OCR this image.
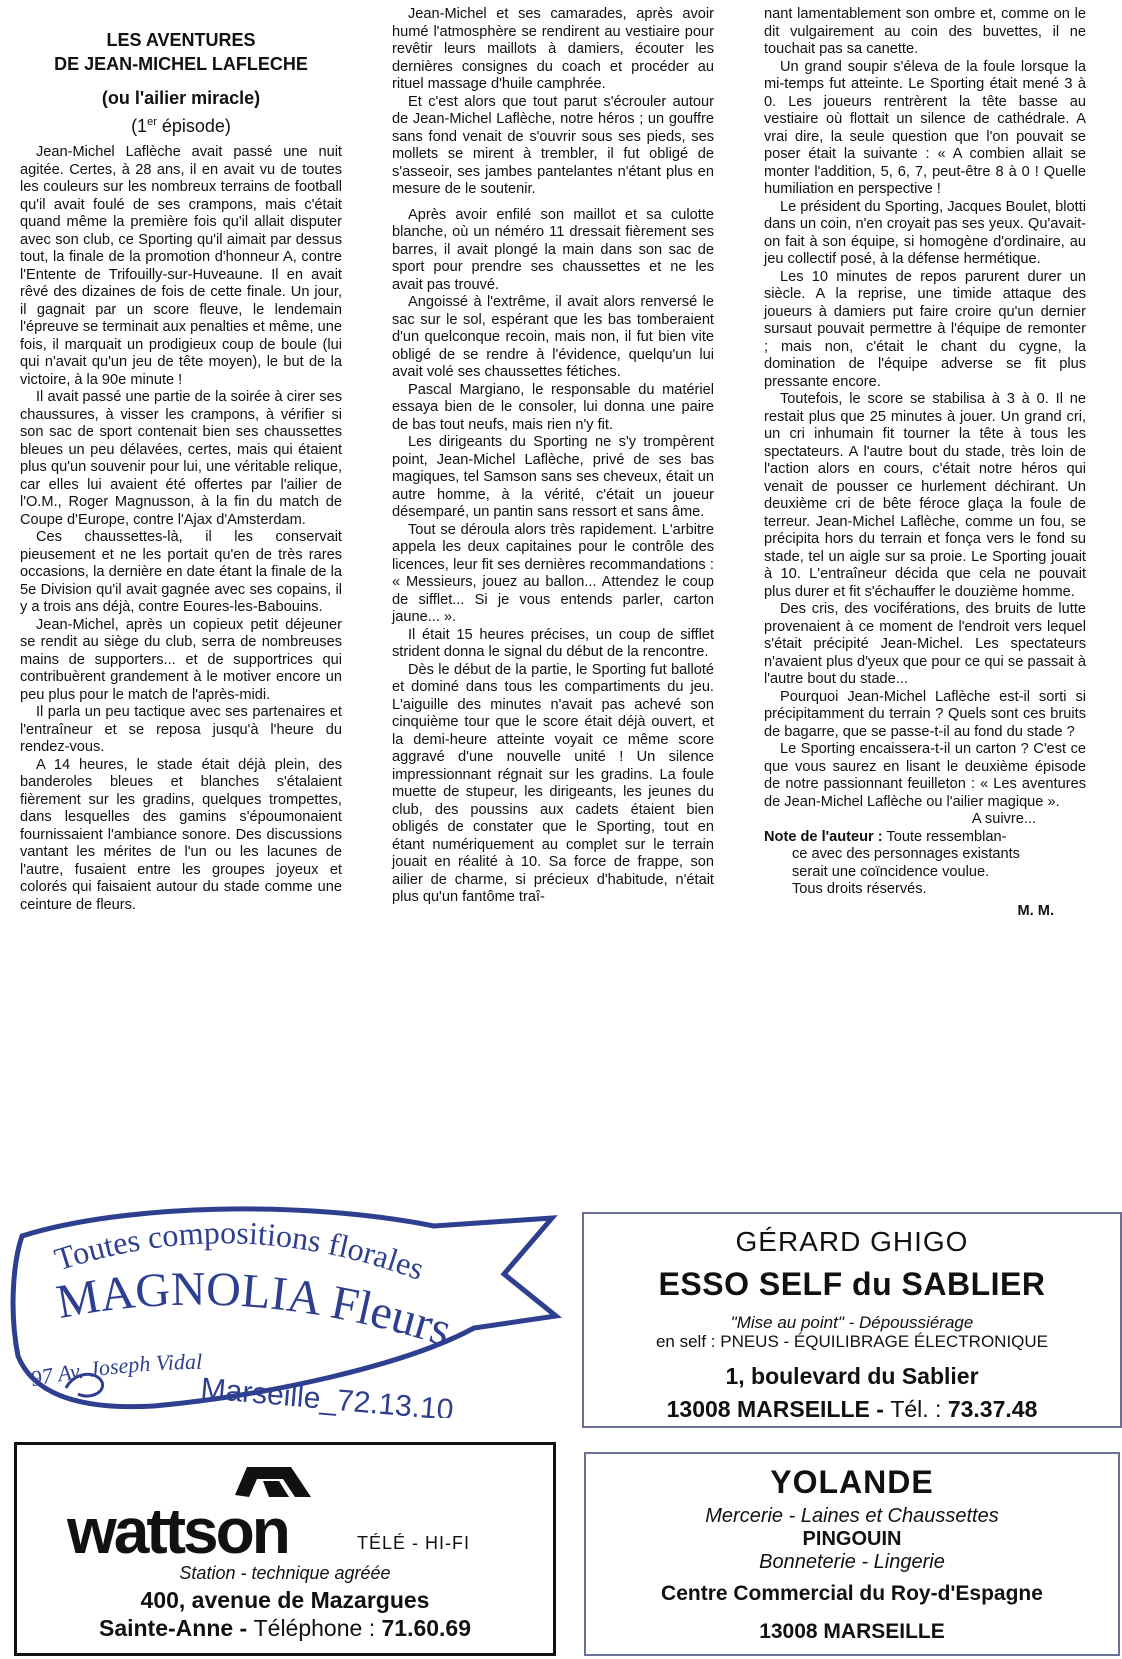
LES AVENTURES
DE JEAN-MICHEL LAFLECHE
(ou l'ailier miracle)
(1er épisode)

Jean-Michel Laflèche avait passé une nuit agitée. Certes, à 28 ans, il en avait vu de toutes les couleurs sur les nombreux terrains de football qu'il avait foulé de ses crampons, mais c'était quand même la première fois qu'il allait disputer avec son club, ce Sporting qu'il aimait par dessus tout, la finale de la promotion d'honneur A, contre l'Entente de Trifouilly-sur-Huveaune. Il en avait rêvé des dizaines de fois de cette finale. Un jour, il gagnait par un score fleuve, le lendemain l'épreuve se terminait aux penalties et même, une fois, il marquait un prodigieux coup de boule (lui qui n'avait qu'un jeu de tête moyen), le but de la victoire, à la 90e minute !

Il avait passé une partie de la soirée à cirer ses chaussures, à visser les crampons, à vérifier si son sac de sport contenait bien ses chaussettes bleues un peu délavées, certes, mais qui étaient plus qu'un souvenir pour lui, une véritable relique, car elles lui avaient été offertes par l'ailier de l'O.M., Roger Magnusson, à la fin du match de Coupe d'Europe, contre l'Ajax d'Amsterdam.

Ces chaussettes-là, il les conservait pieusement et ne les portait qu'en de très rares occasions, la dernière en date étant la finale de la 5e Division qu'il avait gagnée avec ses copains, il y a trois ans déjà, contre Eoures-les-Babouins.

Jean-Michel, après un copieux petit déjeuner se rendit au siège du club, serra de nombreuses mains de supporters... et de supportrices qui contribuèrent grandement à le motiver encore un peu plus pour le match de l'après-midi.

Il parla un peu tactique avec ses partenaires et l'entraîneur et se reposa jusqu'à l'heure du rendez-vous.

A 14 heures, le stade était déjà plein, des banderoles bleues et blanches s'étalaient fièrement sur les gradins, quelques trompettes, dans lesquelles des gamins s'époumonaient fournissaient l'ambiance sonore. Des discussions vantant les mérites de l'un ou les lacunes de l'autre, fusaient entre les groupes joyeux et colorés qui faisaient autour du stade comme une ceinture de fleurs.

Jean-Michel et ses camarades, après avoir humé l'atmosphère se rendirent au vestiaire pour revêtir leurs maillots à damiers, écouter les dernières consignes du coach et procéder au rituel massage d'huile camphrée.

Et c'est alors que tout parut s'écrouler autour de Jean-Michel Laflèche, notre héros ; un gouffre sans fond venait de s'ouvrir sous ses pieds, ses mollets se mirent à trembler, il fut obligé de s'asseoir, ses jambes pantelantes n'étant plus en mesure de le soutenir.

Après avoir enfilé son maillot et sa culotte blanche, où un néméro 11 dressait fièrement ses barres, il avait plongé la main dans son sac de sport pour prendre ses chaussettes et ne les avait pas trouvé.

Angoissé à l'extrême, il avait alors renversé le sac sur le sol, espérant que les bas tomberaient d'un quelconque recoin, mais non, il fut bien vite obligé de se rendre à l'évidence, quelqu'un lui avait volé ses chaussettes fétiches.

Pascal Margiano, le responsable du matériel essaya bien de le consoler, lui donna une paire de bas tout neufs, mais rien n'y fit.

Les dirigeants du Sporting ne s'y trompèrent point, Jean-Michel Laflèche, privé de ses bas magiques, tel Samson sans ses cheveux, était un autre homme, à la vérité, c'était un joueur désemparé, un pantin sans ressort et sans âme.

Tout se déroula alors très rapidement. L'arbitre appela les deux capitaines pour le contrôle des licences, leur fit ses dernières recommandations : « Messieurs, jouez au ballon... Attendez le coup de sifflet... Si je vous entends parler, carton jaune... ».

Il était 15 heures précises, un coup de sifflet strident donna le signal du début de la rencontre.

Dès le début de la partie, le Sporting fut balloté et dominé dans tous les compartiments du jeu. L'aiguille des minutes n'avait pas achevé son cinquième tour que le score était déjà ouvert, et la demi-heure atteinte voyait ce même score aggravé d'une nouvelle unité ! Un silence impressionnant régnait sur les gradins. La foule muette de stupeur, les dirigeants, les jeunes du club, des poussins aux cadets étaient bien obligés de constater que le Sporting, tout en étant numériquement au complet sur le terrain jouait en réalité à 10. Sa force de frappe, son ailier de charme, si précieux d'habitude, n'était plus qu'un fantôme traî-

nant lamentablement son ombre et, comme on le dit vulgairement au coin des buvettes, il ne touchait pas sa canette.

Un grand soupir s'éleva de la foule lorsque la mi-temps fut atteinte. Le Sporting était mené 3 à 0. Les joueurs rentrèrent la tête basse au vestiaire où flottait un silence de cathédrale. A vrai dire, la seule question que l'on pouvait se poser était la suivante : « A combien allait se monter l'addition, 5, 6, 7, peut-être 8 à 0 ! Quelle humiliation en perspective !

Le président du Sporting, Jacques Boulet, blotti dans un coin, n'en croyait pas ses yeux. Qu'avait-on fait à son équipe, si homogène d'ordinaire, au jeu collectif posé, à la défense hermétique.

Les 10 minutes de repos parurent durer un siècle. A la reprise, une timide attaque des joueurs à damiers put faire croire qu'un dernier sursaut pouvait permettre à l'équipe de remonter ; mais non, c'était le chant du cygne, la domination de l'équipe adverse se fit plus pressante encore.

Toutefois, le score se stabilisa à 3 à 0. Il ne restait plus que 25 minutes à jouer. Un grand cri, un cri inhumain fit tourner la tête à tous les spectateurs. A l'autre bout du stade, très loin de l'action alors en cours, c'était notre héros qui venait de pousser ce hurlement déchirant. Un deuxième cri de bête féroce glaça la foule de terreur. Jean-Michel Laflèche, comme un fou, se précipita hors du terrain et fonça vers le fond su stade, tel un aigle sur sa proie. Le Sporting jouait à 10. L'entraîneur décida que cela ne pouvait plus durer et fit s'échauffer le douzième homme.

Des cris, des vociférations, des bruits de lutte provenaient à ce moment de l'endroit vers lequel s'était précipité Jean-Michel. Les spectateurs n'avaient plus d'yeux que pour ce qui se passait à l'autre bout du stade...

Pourquoi Jean-Michel Laflèche est-il sorti si précipitamment du terrain ? Quels sont ces bruits de bagarre, que se passe-t-il au fond du stade ?

Le Sporting encaissera-t-il un carton ? C'est ce que vous saurez en lisant le deuxième épisode de notre passionnant feuilleton : « Les aventures de Jean-Michel Laflèche ou l'ailier magique ».

A suivre...

Note de l'auteur : Toute ressemblan-

ce avec des personnages existants

serait une coïncidence voulue.

Tous droits réservés.

M. M.
Toutes compositions florales
MAGNOLIA Fleurs
97 Av. Joseph Vidal
Marseille_72.13.10
GÉRARD GHIGO
ESSO SELF du SABLIER
"Mise au point" - Dépoussiérage
en self : PNEUS - ÉQUILIBRAGE ÉLECTRONIQUE
1, boulevard du Sablier
13008 MARSEILLE - Tél. : 73.37.48
wattson	TÉLÉ - HI-FI
Station - technique agréée
400, avenue de Mazargues
Sainte-Anne - Téléphone : 71.60.69
YOLANDE
Mercerie - Laines et Chaussettes
PINGOUIN
Bonneterie - Lingerie
Centre Commercial du Roy-d'Espagne
13008 MARSEILLE
